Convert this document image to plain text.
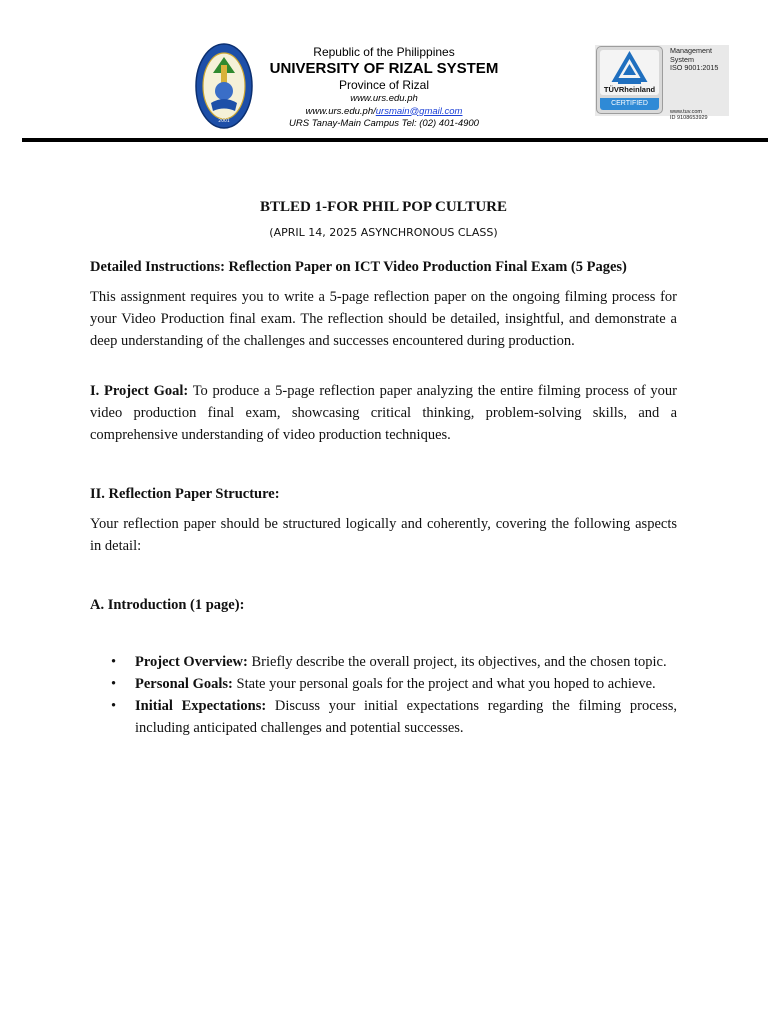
2001
Republic of the Philippines
UNIVERSITY OF RIZAL SYSTEM
Province of Rizal
www.urs.edu.ph
www.urs.edu.ph/ursmain@gmail.com
URS Tanay-Main Campus Tel: (02) 401-4900
TÜVRheinland
CERTIFIED
Management
System
ISO 9001:2015
www.tuv.com
ID 9108653929
BTLED 1-FOR PHIL POP CULTURE
(APRIL 14, 2025 ASYNCHRONOUS CLASS)
Detailed Instructions: Reflection Paper on ICT Video Production Final Exam (5 Pages)

This assignment requires you to write a 5-page reflection paper on the ongoing filming process for your Video Production final exam. The reflection should be detailed, insightful, and demonstrate a deep understanding of the challenges and successes encountered during production.

I. Project Goal: To produce a 5-page reflection paper analyzing the entire filming process of your video production final exam, showcasing critical thinking, problem-solving skills, and a comprehensive understanding of video production techniques.

II. Reflection Paper Structure:

Your reflection paper should be structured logically and coherently, covering the following aspects in detail:

A. Introduction (1 page):
• Project Overview: Briefly describe the overall project, its objectives, and the chosen topic.
• Personal Goals: State your personal goals for the project and what you hoped to achieve.
• Initial Expectations: Discuss your initial expectations regarding the filming process, including anticipated challenges and potential successes.
